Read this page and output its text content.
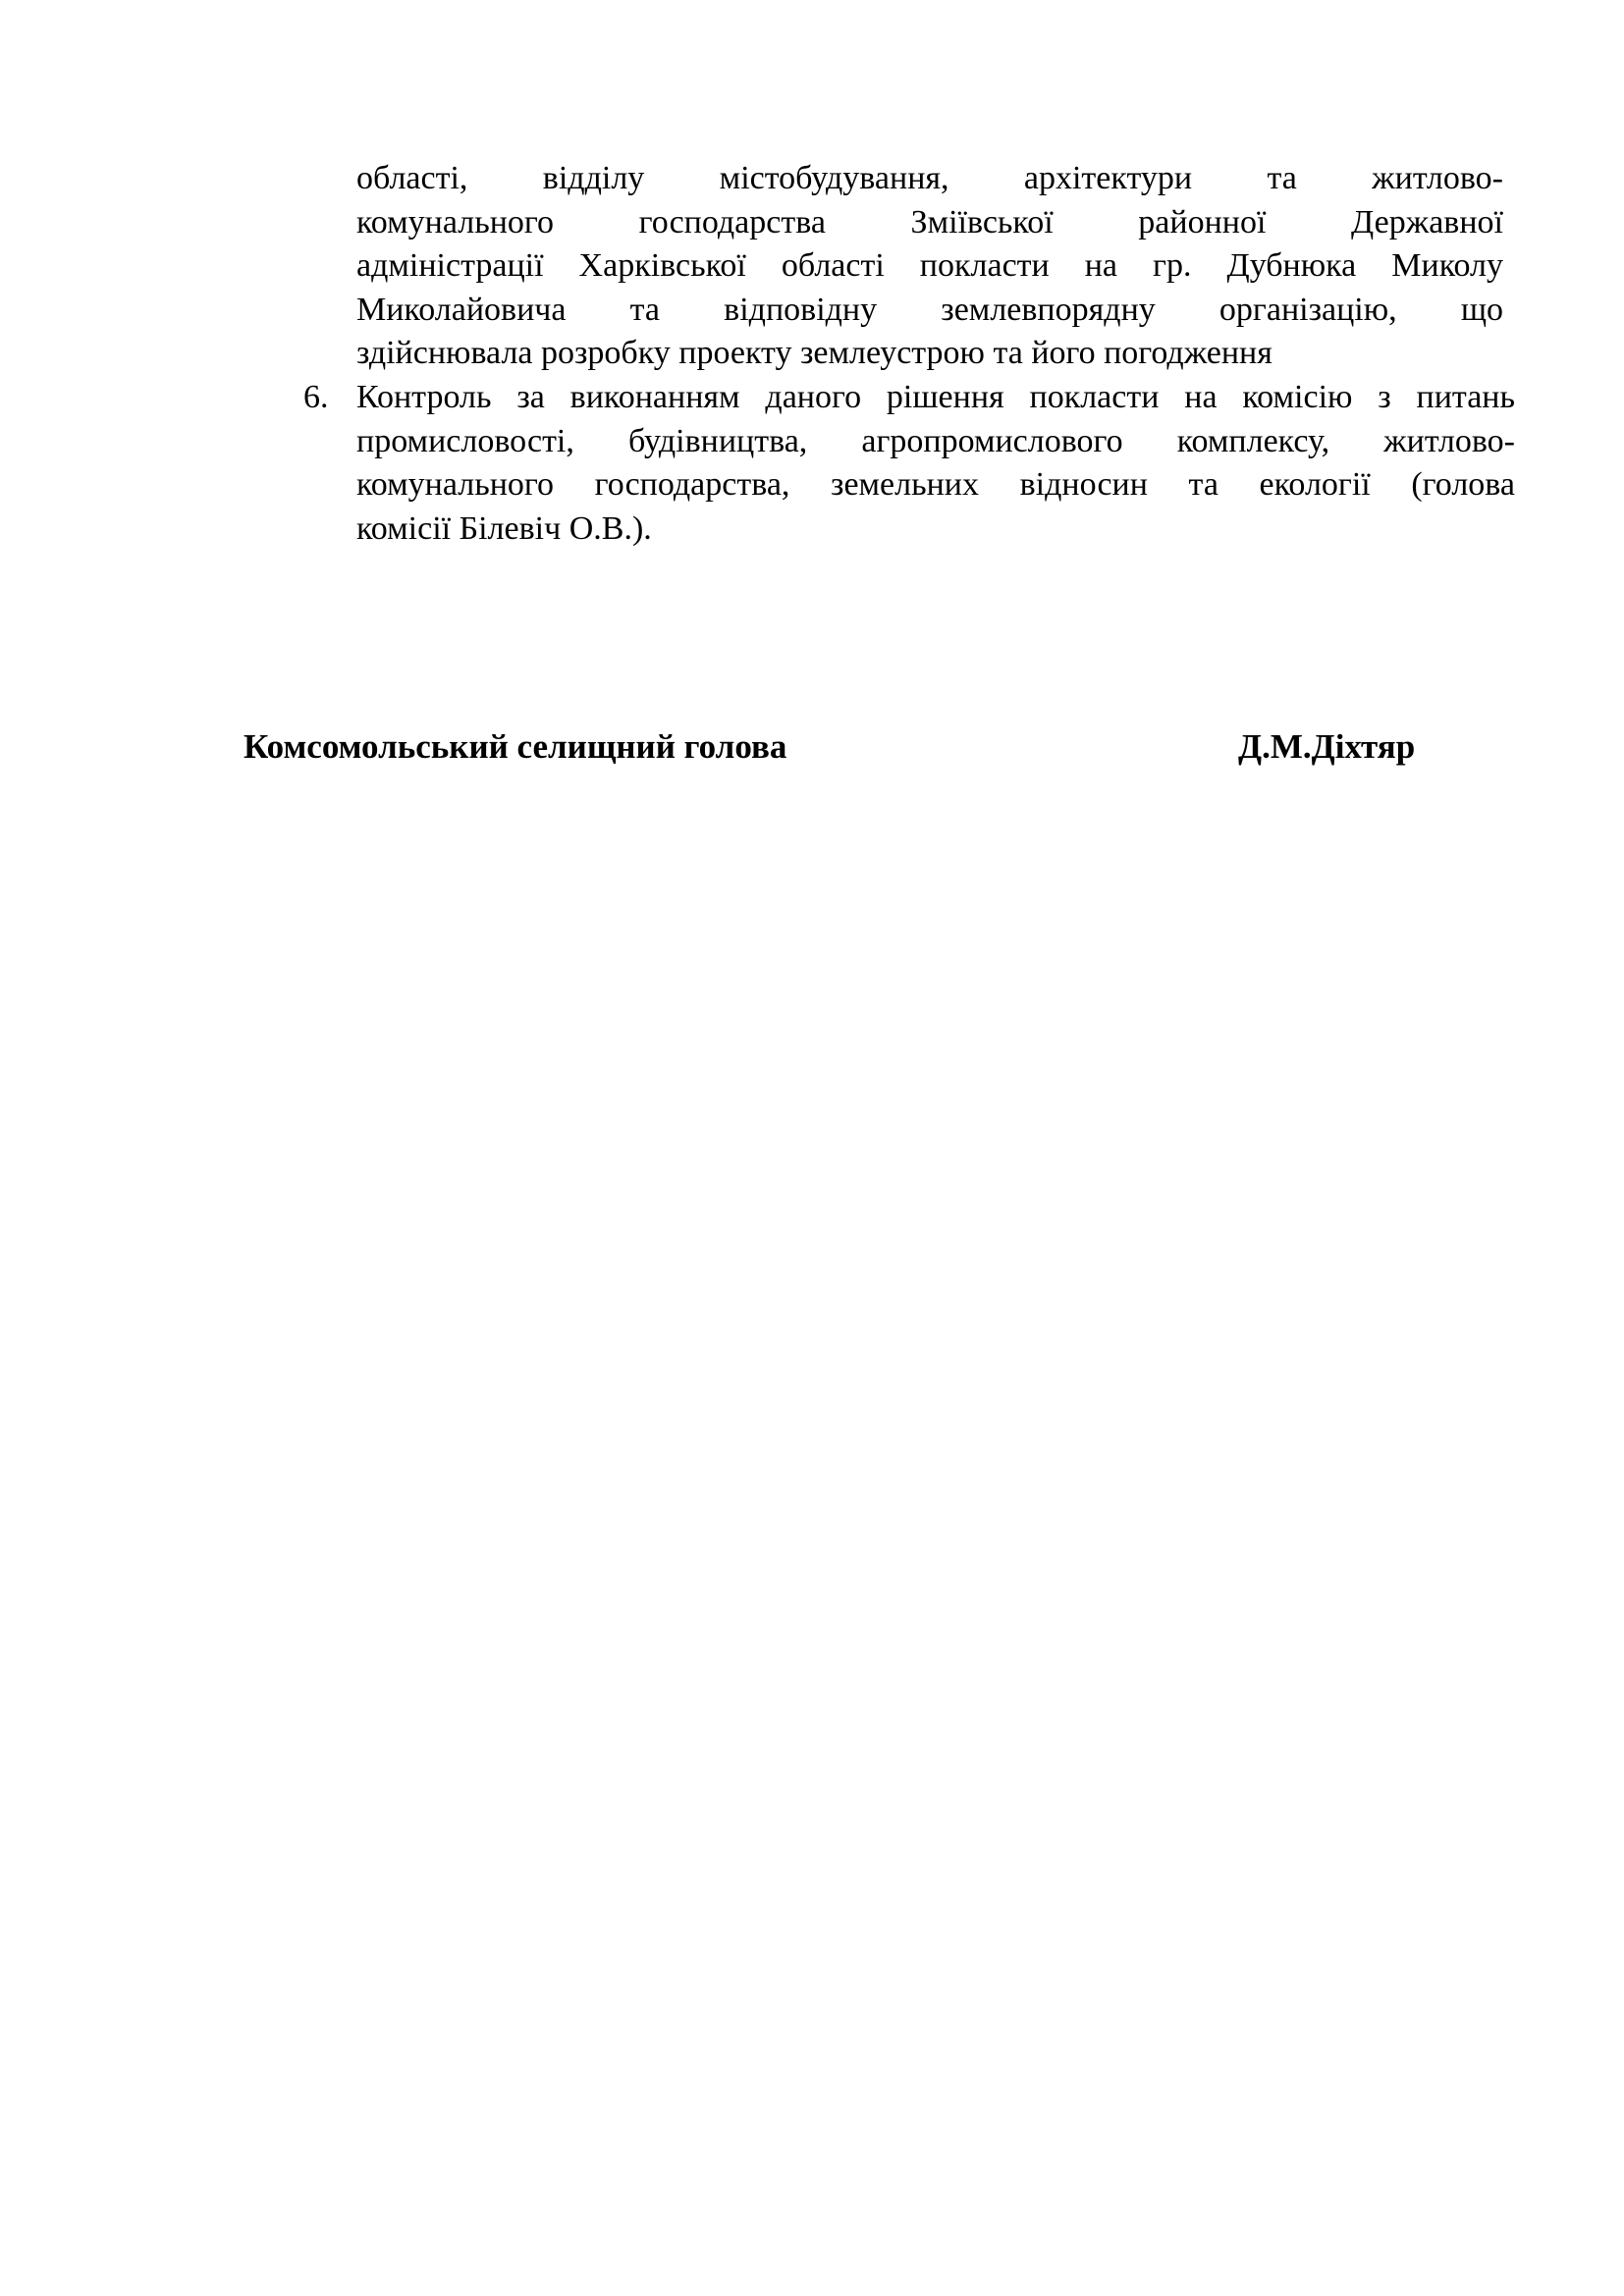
області, відділу містобудування, архітектури та житлово-
комунального господарства Зміївської районної Державної
адміністрації Харківської області покласти на гр. Дубнюка Миколу
Миколайовича та відповідну землевпорядну організацію, що
здійснювала розробку проекту землеустрою та його погодження
6. Контроль за виконанням даного рішення покласти на комісію з питань
промисловості, будівництва, агропромислового комплексу, житлово-
комунального господарства, земельних відносин та екології (голова
комісії Білевіч О.В.).
Комсомольський селищний голова	Д.М.Діхтяр
